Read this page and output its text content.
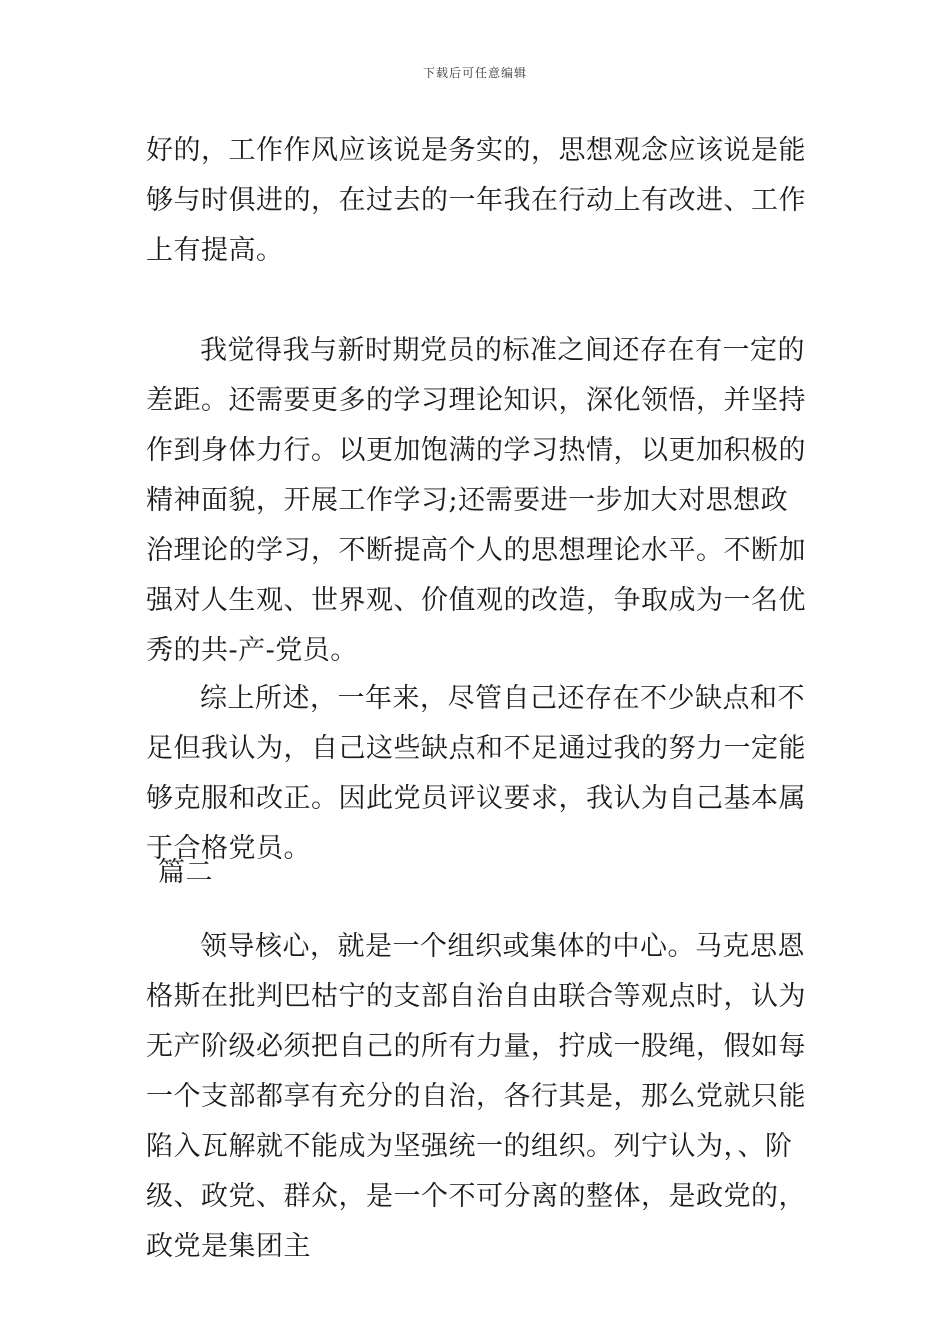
下载后可任意编辑

好的，工作作风应该说是务实的，思想观念应该说是能够与时俱进的，在过去的一年我在行动上有改进、工作上有提高。

我觉得我与新时期党员的标准之间还存在有一定的差距。还需要更多的学习理论知识，深化领悟，并坚持作到身体力行。以更加饱满的学习热情，以更加积极的精神面貌，开展工作学习;还需要进一步加大对思想政治理论的学习，不断提高个人的思想理论水平。不断加强对人生观、世界观、价值观的改造，争取成为一名优秀的共-产-党员。

综上所述，一年来，尽管自己还存在不少缺点和不足但我认为，自己这些缺点和不足通过我的努力一定能够克服和改正。因此党员评议要求，我认为自己基本属于合格党员。

篇二

领导核心，就是一个组织或集体的中心。马克思恩格斯在批判巴枯宁的支部自治自由联合等观点时，认为无产阶级必须把自己的所有力量，拧成一股绳，假如每一个支部都享有充分的自治，各行其是，那么党就只能陷入瓦解就不能成为坚强统一的组织。列宁认为，、阶级、政党、群众，是一个不可分离的整体，是政党的，政党是集团主
